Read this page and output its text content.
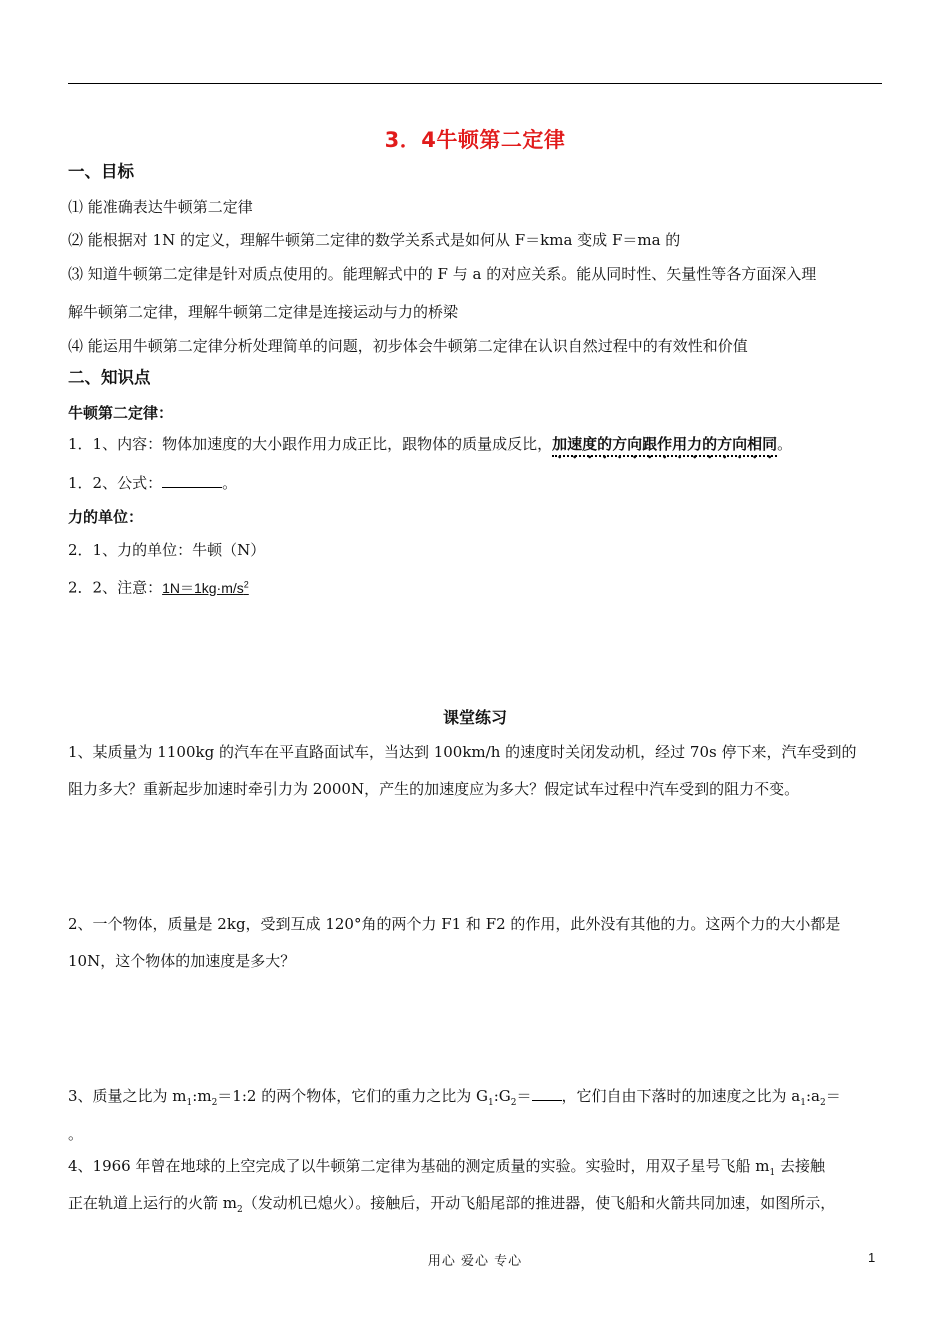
3．4牛顿第二定律
一、目标
⑴ 能准确表达牛顿第二定律
⑵ 能根据对 1N 的定义，理解牛顿第二定律的数学关系式是如何从 F＝kma 变成 F＝ma 的
⑶ 知道牛顿第二定律是针对质点使用的。能理解式中的 F 与 a 的对应关系。能从同时性、矢量性等各方面深入理
解牛顿第二定律，理解牛顿第二定律是连接运动与力的桥梁
⑷ 能运用牛顿第二定律分析处理简单的问题，初步体会牛顿第二定律在认识自然过程中的有效性和价值
二、知识点
牛顿第二定律：
1．1、内容：物体加速度的大小跟作用力成正比，跟物体的质量成反比，加速度的方向跟作用力的方向相同。
1．2、公式：	。
力的单位：
2．1、力的单位：牛顿（N）
2．2、注意：$1N=1kg\cdot m/s^2$
课堂练习
1、某质量为 1100kg 的汽车在平直路面试车，当达到 100km/h 的速度时关闭发动机，经过 70s 停下来，汽车受到的
阻力多大？重新起步加速时牵引力为 2000N，产生的加速度应为多大？假定试车过程中汽车受到的阻力不变。
2、一个物体，质量是 2kg，受到互成 120°角的两个力 F1 和 F2 的作用，此外没有其他的力。这两个力的大小都是
10N，这个物体的加速度是多大？
3、质量之比为 $m_1:m_2=1:2$ 的两个物体，它们的重力之比为 $G_1:G_2=$ ，它们自由下落时的加速度之比为 $a_1:a_2=$
。
4、1966 年曾在地球的上空完成了以牛顿第二定律为基础的测定质量的实验。实验时，用双子星号飞船 $m_1$ 去接触
正在轨道上运行的火箭 $m_2$（发动机已熄火）。接触后，开动飞船尾部的推进器，使飞船和火箭共同加速，如图所示，
用心 爱心 专心	1
